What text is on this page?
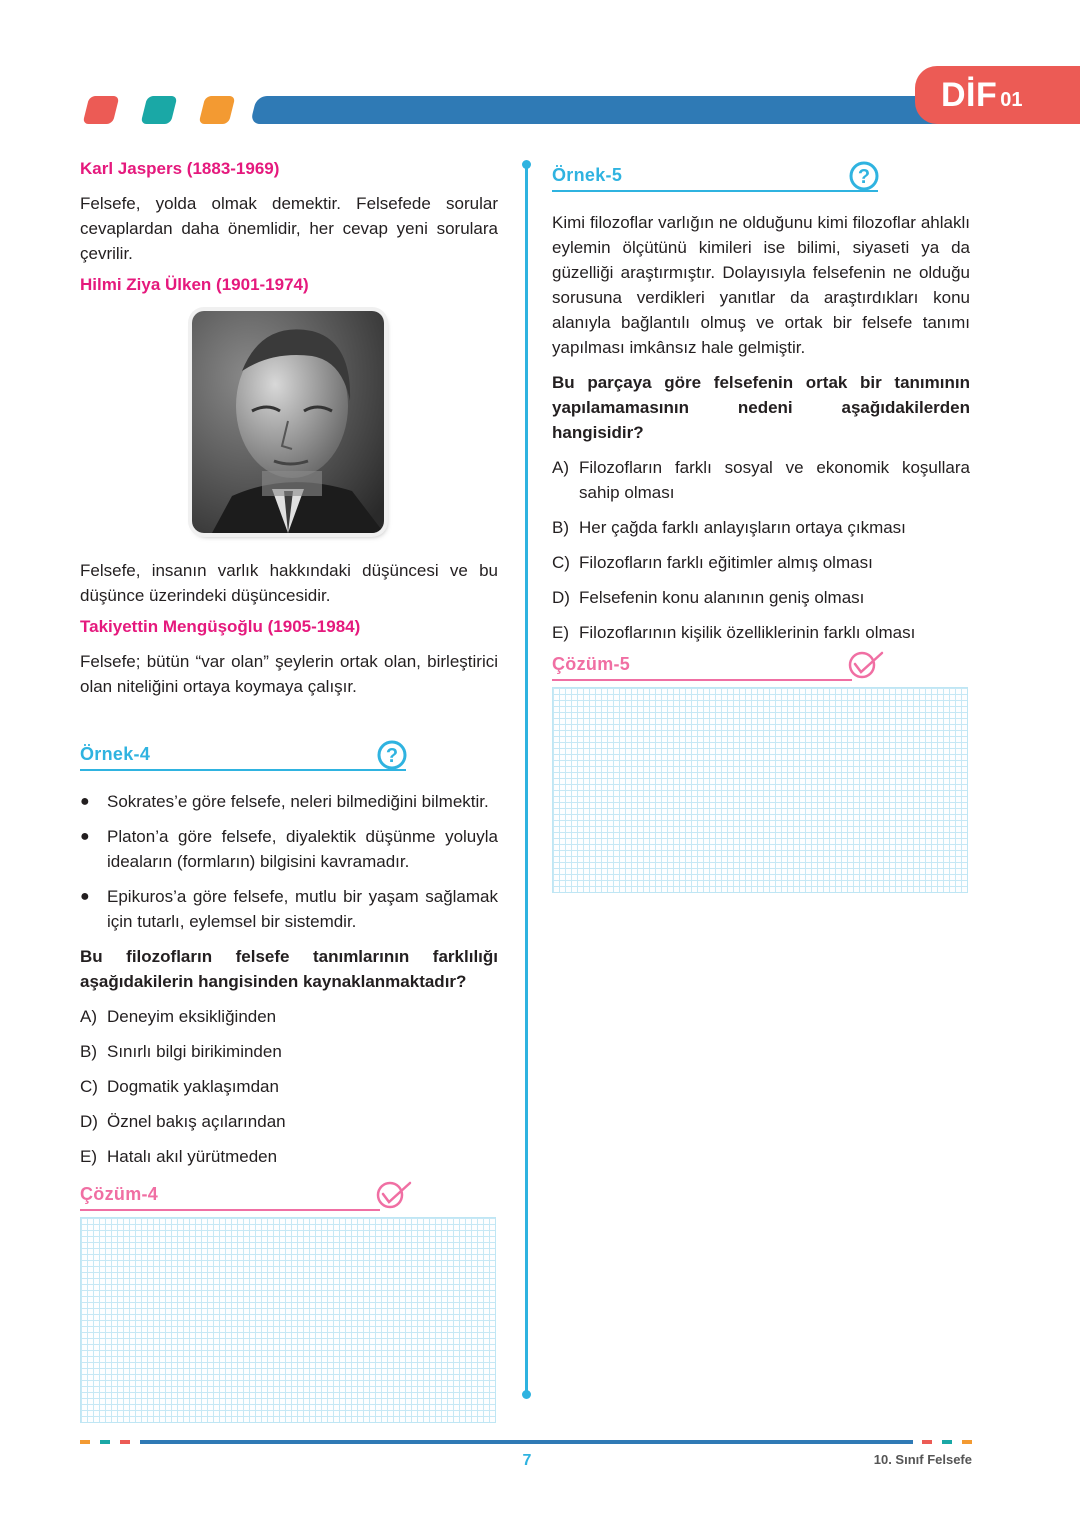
DİF 01

Karl Jaspers (1883-1969)

Felsefe, yolda olmak demektir. Felsefede sorular cevaplardan daha önemlidir, her cevap yeni sorulara çevrilir.

Hilmi Ziya Ülken (1901-1974)

Felsefe, insanın varlık hakkındaki düşüncesi ve bu düşünce üzerindeki düşüncesidir.

Takiyettin Mengüşoğlu (1905-1984)

Felsefe; bütün “var olan” şeylerin ortak olan, birleştirici olan niteliğini ortaya koymaya çalışır.

Örnek-4	?
●	Sokrates’e göre felsefe, neleri bilmediğini bilmektir.
●	Platon’a göre felsefe, diyalektik düşünme yoluyla ideaların (formların) bilgisini kavramadır.
●	Epikuros’a göre felsefe, mutlu bir yaşam sağlamak için tutarlı, eylemsel bir sistemdir.

Bu filozofların felsefe tanımlarının farklılığı aşağıdakilerin hangisinden kaynaklanmaktadır?

A) Deneyim eksikliğinden
B) Sınırlı bilgi birikiminden
C) Dogmatik yaklaşımdan
D) Öznel bakış açılarından
E) Hatalı akıl yürütmeden
Çözüm-4
Örnek-5	?

Kimi filozoflar varlığın ne olduğunu kimi filozoflar ahlaklı eylemin ölçütünü kimileri ise bilimi, siyaseti ya da güzelliği araştırmıştır. Dolayısıyla felsefenin ne olduğu sorusuna verdikleri yanıtlar da araştırdıkları konu alanıyla bağlantılı olmuş ve ortak bir felsefe tanımı yapılması imkânsız hale gelmiştir.

Bu parçaya göre felsefenin ortak bir tanımının yapılamamasının nedeni aşağıdakilerden hangisidir?

A) Filozofların farklı sosyal ve ekonomik koşullara sahip olması
B) Her çağda farklı anlayışların ortaya çıkması
C) Filozofların farklı eğitimler almış olması
D) Felsefenin konu alanının geniş olması
E) Filozoflarının kişilik özelliklerinin farklı olması
Çözüm-5
7	10. Sınıf Felsefe
